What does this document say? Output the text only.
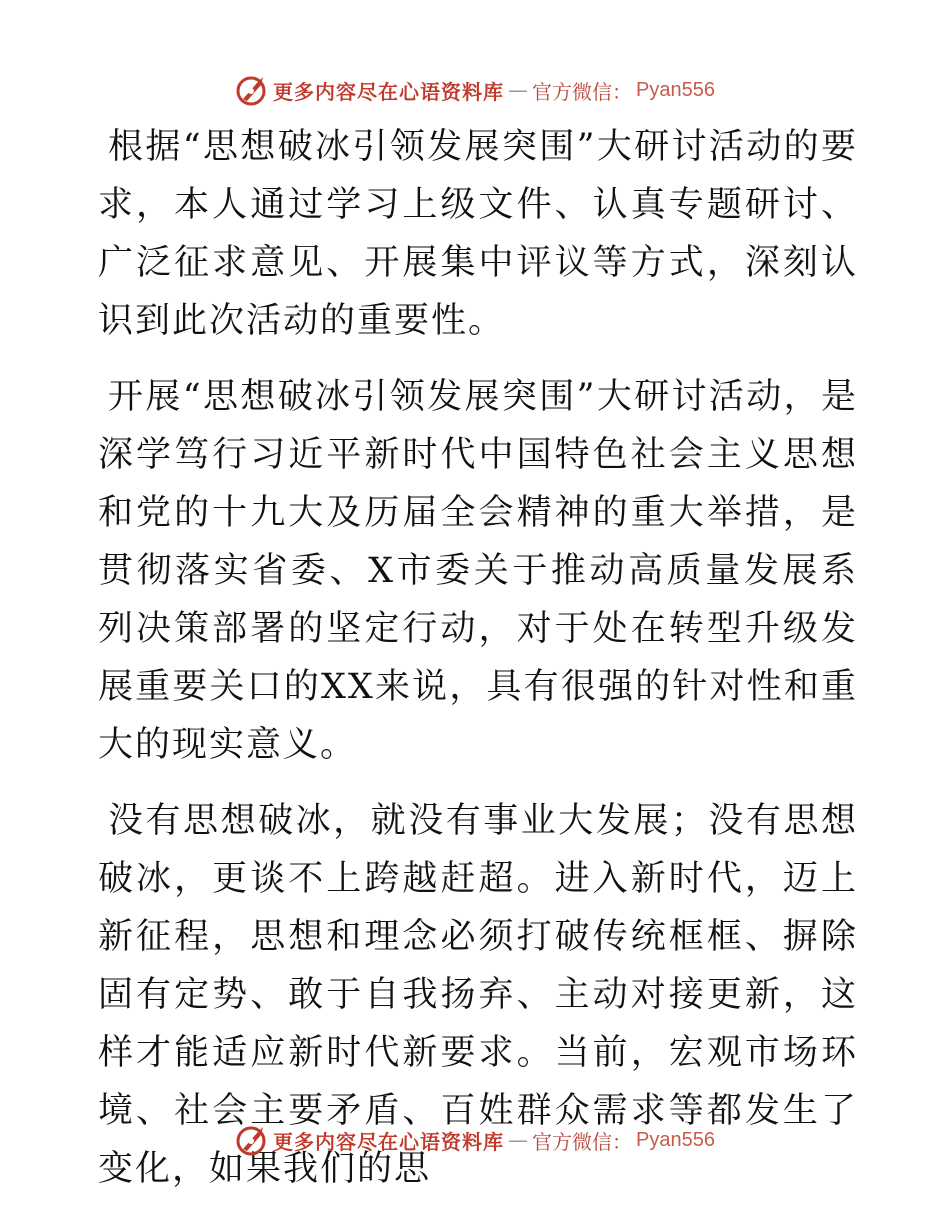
更多内容尽在心语资料库 — 官方微信： Pyan556

根据“思想破冰引领发展突围”大研讨活动的要求，本人通过学习上级文件、认真专题研讨、广泛征求意见、开展集中评议等方式，深刻认识到此次活动的重要性。

开展“思想破冰引领发展突围”大研讨活动，是深学笃行习近平新时代中国特色社会主义思想和党的十九大及历届全会精神的重大举措，是贯彻落实省委、X市委关于推动高质量发展系列决策部署的坚定行动，对于处在转型升级发展重要关口的XX来说，具有很强的针对性和重大的现实意义。

没有思想破冰，就没有事业大发展；没有思想破冰，更谈不上跨越赶超。进入新时代，迈上新征程，思想和理念必须打破传统框框、摒除固有定势、敢于自我扬弃、主动对接更新，这样才能适应新时代新要求。当前，宏观市场环境、社会主要矛盾、百姓群众需求等都发生了变化，如果我们的思

更多内容尽在心语资料库 — 官方微信： Pyan556
